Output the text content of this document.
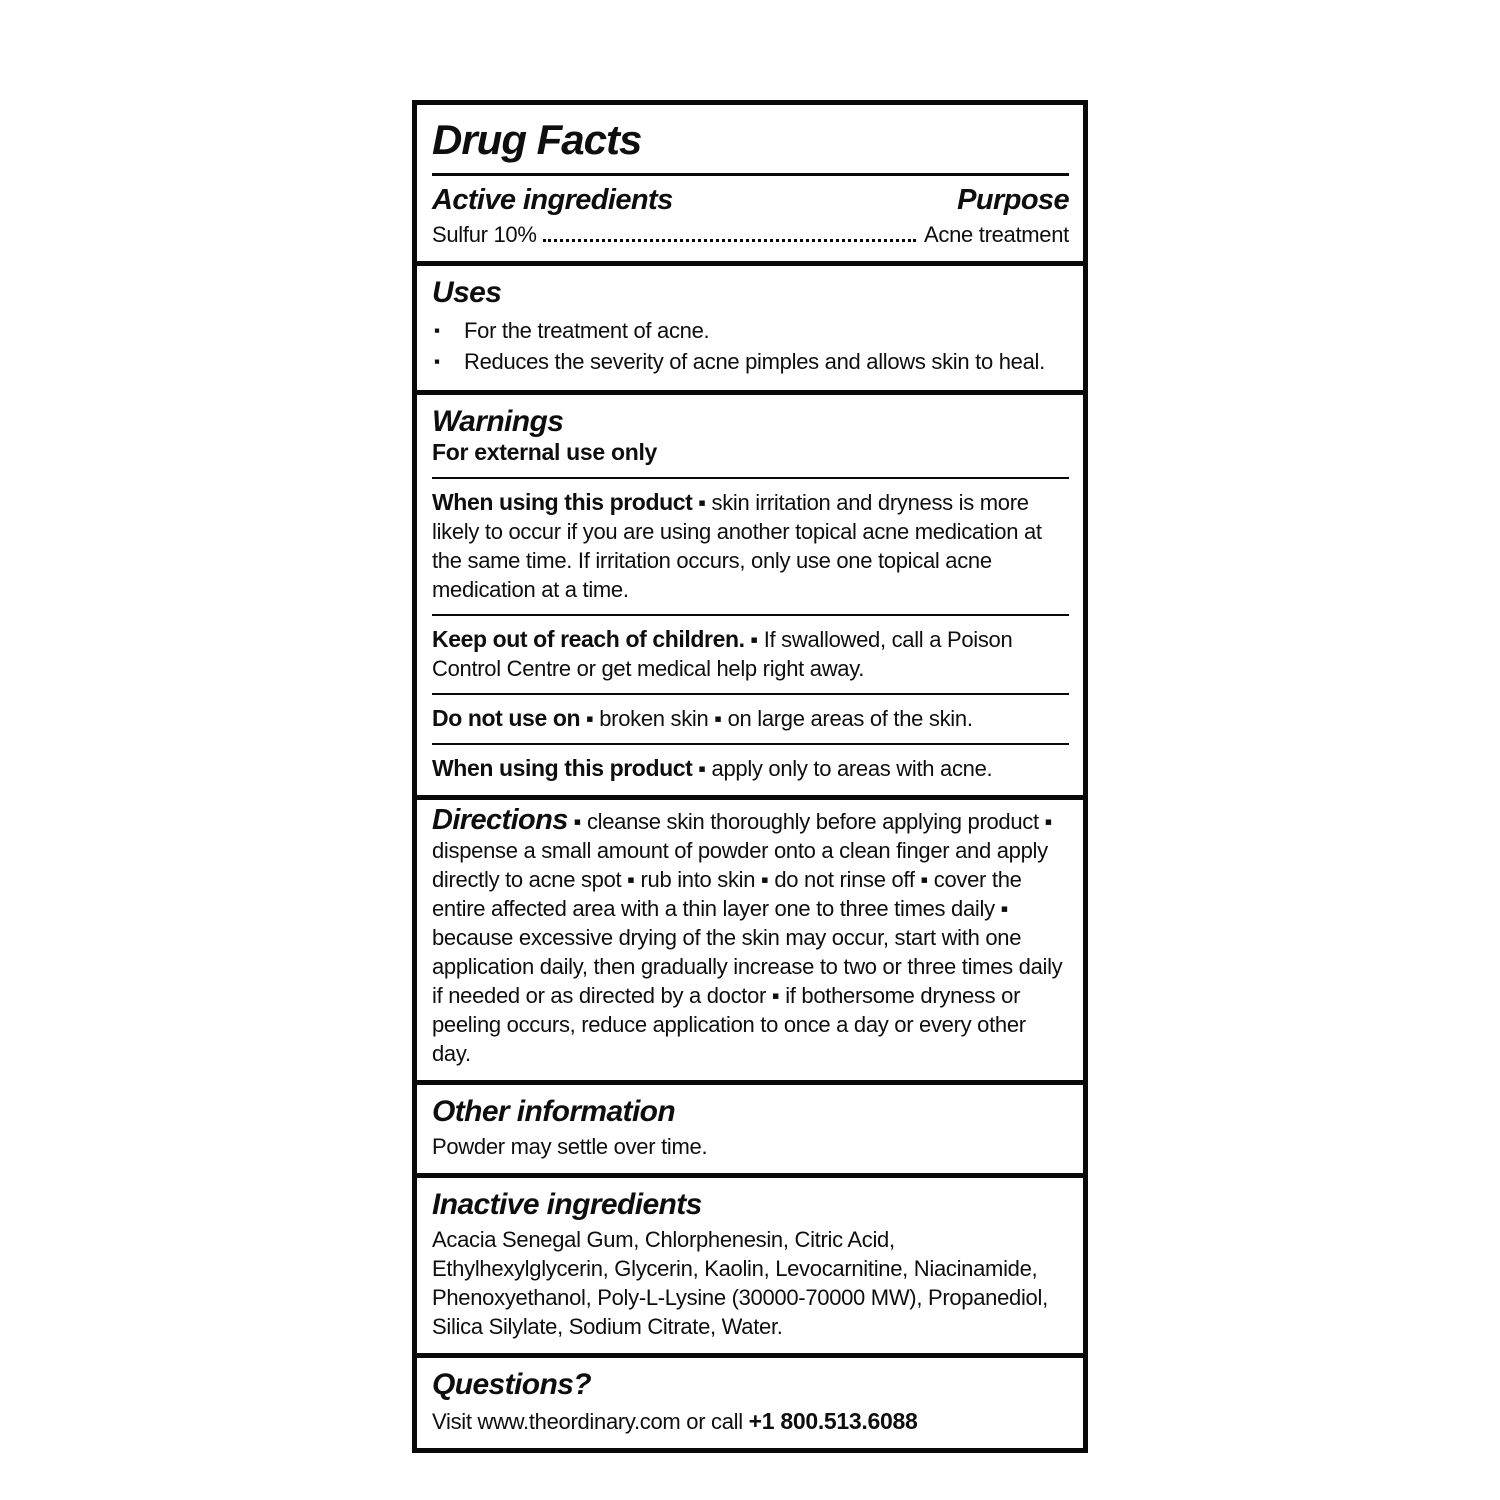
Drug Facts
Active ingredients	Purpose
Sulfur 10%	Acne treatment
Uses
▪	For the treatment of acne.
▪	Reduces the severity of acne pimples and allows skin to heal.
Warnings

For external use only

When using this product ▪ skin irritation and dryness is more likely to occur if you are using another topical acne medication at the same time. If irritation occurs, only use one topical acne medication at a time.

Keep out of reach of children. ▪ If swallowed, call a Poison Control Centre or get medical help right away.

Do not use on ▪ broken skin ▪ on large areas of the skin.

When using this product ▪ apply only to areas with acne.

Directions ▪ cleanse skin thoroughly before applying product ▪ dispense a small amount of powder onto a clean finger and apply directly to acne spot ▪ rub into skin ▪ do not rinse off ▪ cover the entire affected area with a thin layer one to three times daily ▪ because excessive drying of the skin may occur, start with one application daily, then gradually increase to two or three times daily if needed or as directed by a doctor ▪ if bothersome dryness or peeling occurs, reduce application to once a day or every other day.

Other information

Powder may settle over time.

Inactive ingredients

Acacia Senegal Gum, Chlorphenesin, Citric Acid, Ethylhexylglycerin, Glycerin, Kaolin, Levocarnitine, Niacinamide, Phenoxyethanol, Poly-L-Lysine (30000-70000 MW), Propanediol, Silica Silylate, Sodium Citrate, Water.

Questions?

Visit www.theordinary.com or call +1 800.513.6088
